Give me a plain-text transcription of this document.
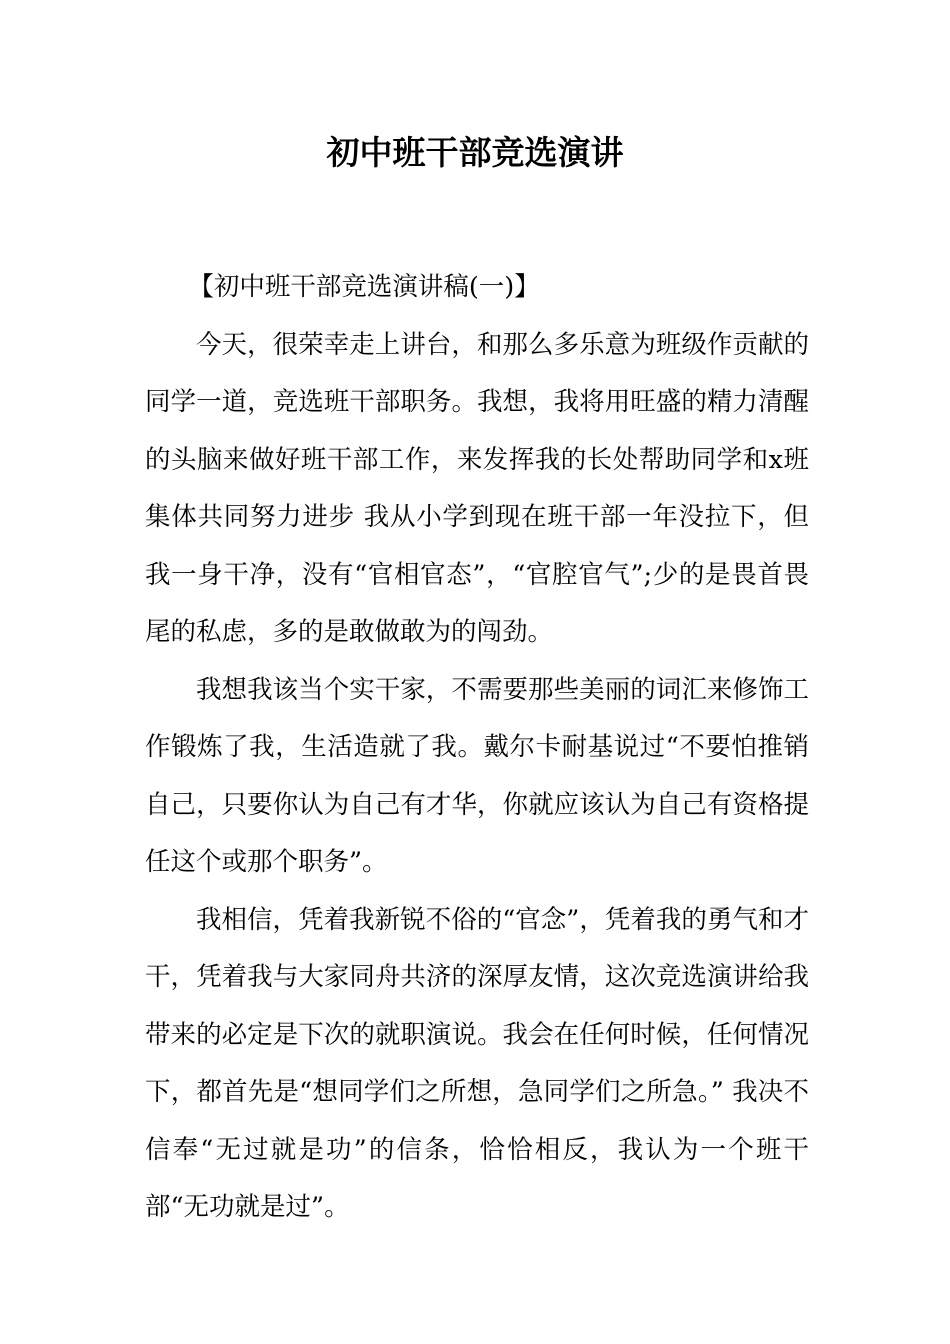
初中班干部竞选演讲

【初中班干部竞选演讲稿(一)】

今天，很荣幸走上讲台，和那么多乐意为班级作贡献的同学一道，竞选班干部职务。我想，我将用旺盛的精力清醒的头脑来做好班干部工作，来发挥我的长处帮助同学和x班集体共同努力进步 我从小学到现在班干部一年没拉下，但我一身干净，没有“官相官态”，“官腔官气”;少的是畏首畏尾的私虑，多的是敢做敢为的闯劲。

我想我该当个实干家，不需要那些美丽的词汇来修饰工作锻炼了我，生活造就了我。戴尔卡耐基说过“不要怕推销自己，只要你认为自己有才华，你就应该认为自己有资格提任这个或那个职务”。

我相信，凭着我新锐不俗的“官念”，凭着我的勇气和才干，凭着我与大家同舟共济的深厚友情，这次竞选演讲给我带来的必定是下次的就职演说。我会在任何时候，任何情况下，都首先是“想同学们之所想，急同学们之所急。” 我决不信奉“无过就是功”的信条，恰恰相反，我认为一个班干部“无功就是过”。
